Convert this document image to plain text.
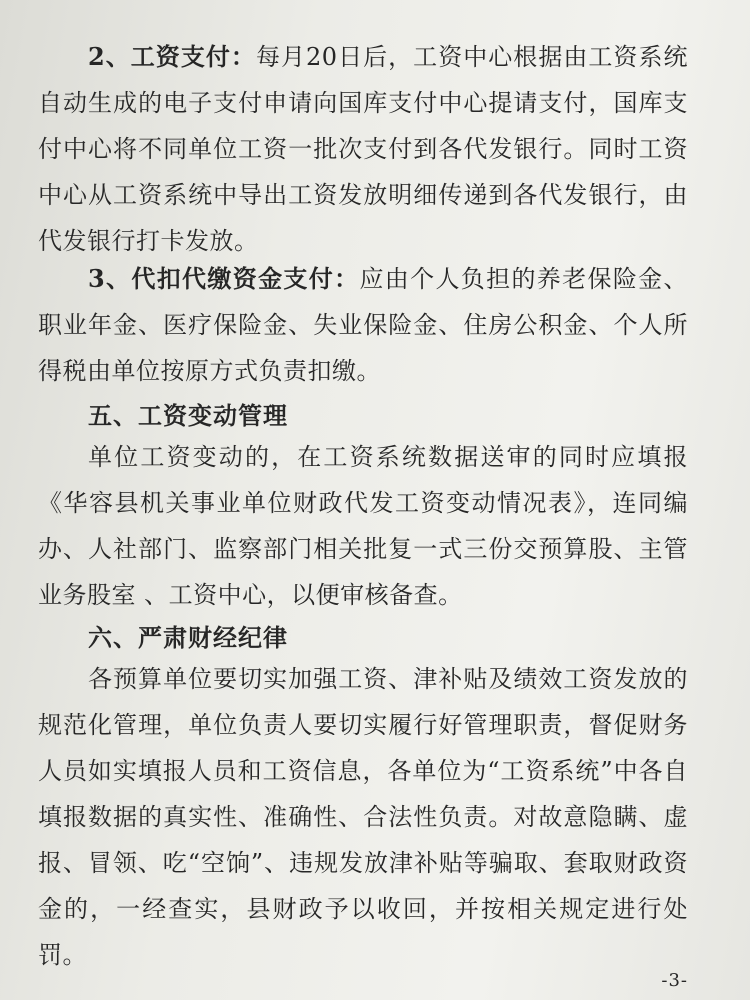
2、工资支付：每月20日后，工资中心根据由工资系统自动生成的电子支付申请向国库支付中心提请支付，国库支付中心将不同单位工资一批次支付到各代发银行。同时工资中心从工资系统中导出工资发放明细传递到各代发银行，由代发银行打卡发放。

3、代扣代缴资金支付：应由个人负担的养老保险金、职业年金、医疗保险金、失业保险金、住房公积金、个人所得税由单位按原方式负责扣缴。

五、工资变动管理

单位工资变动的，在工资系统数据送审的同时应填报《华容县机关事业单位财政代发工资变动情况表》，连同编办、人社部门、监察部门相关批复一式三份交预算股、主管业务股室 、工资中心，以便审核备查。

六、严肃财经纪律

各预算单位要切实加强工资、津补贴及绩效工资发放的规范化管理，单位负责人要切实履行好管理职责，督促财务人员如实填报人员和工资信息，各单位为“工资系统”中各自填报数据的真实性、准确性、合法性负责。对故意隐瞒、虚报、冒领、吃“空饷”、违规发放津补贴等骗取、套取财政资金的，一经查实，县财政予以收回，并按相关规定进行处罚。

-3-
